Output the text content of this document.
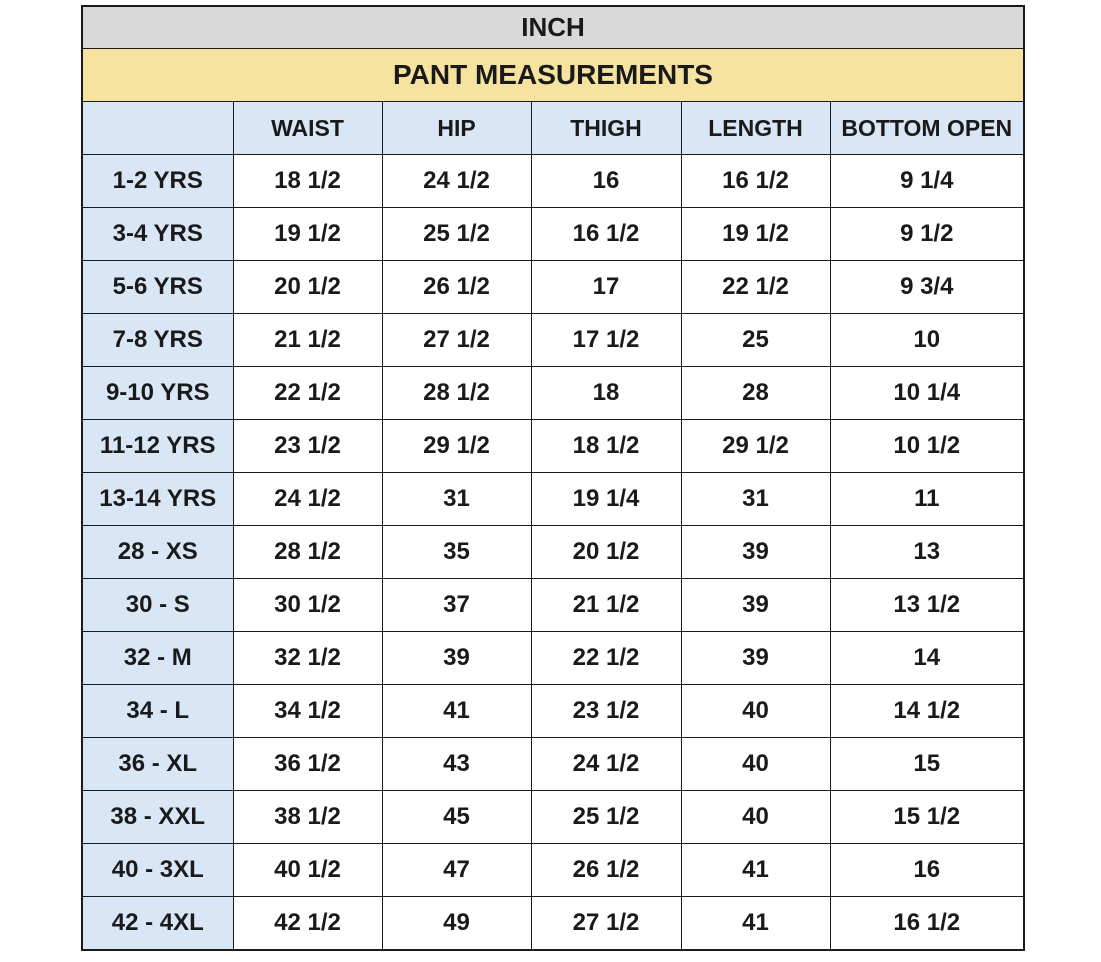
INCH					
PANT MEASUREMENTS					
	WAIST	HIP	THIGH	LENGTH	BOTTOM OPEN
1-2 YRS	18 1/2	24 1/2	16	16 1/2	9 1/4
3-4 YRS	19 1/2	25 1/2	16 1/2	19 1/2	9 1/2
5-6 YRS	20 1/2	26 1/2	17	22 1/2	9 3/4
7-8 YRS	21 1/2	27 1/2	17 1/2	25	10
9-10 YRS	22 1/2	28 1/2	18	28	10 1/4
11-12 YRS	23 1/2	29 1/2	18 1/2	29 1/2	10 1/2
13-14 YRS	24 1/2	31	19 1/4	31	11
28 - XS	28 1/2	35	20 1/2	39	13
30 - S	30 1/2	37	21 1/2	39	13 1/2
32 - M	32 1/2	39	22 1/2	39	14
34 - L	34 1/2	41	23 1/2	40	14 1/2
36 - XL	36 1/2	43	24 1/2	40	15
38 - XXL	38 1/2	45	25 1/2	40	15 1/2
40 - 3XL	40 1/2	47	26 1/2	41	16
42 - 4XL	42 1/2	49	27 1/2	41	16 1/2
